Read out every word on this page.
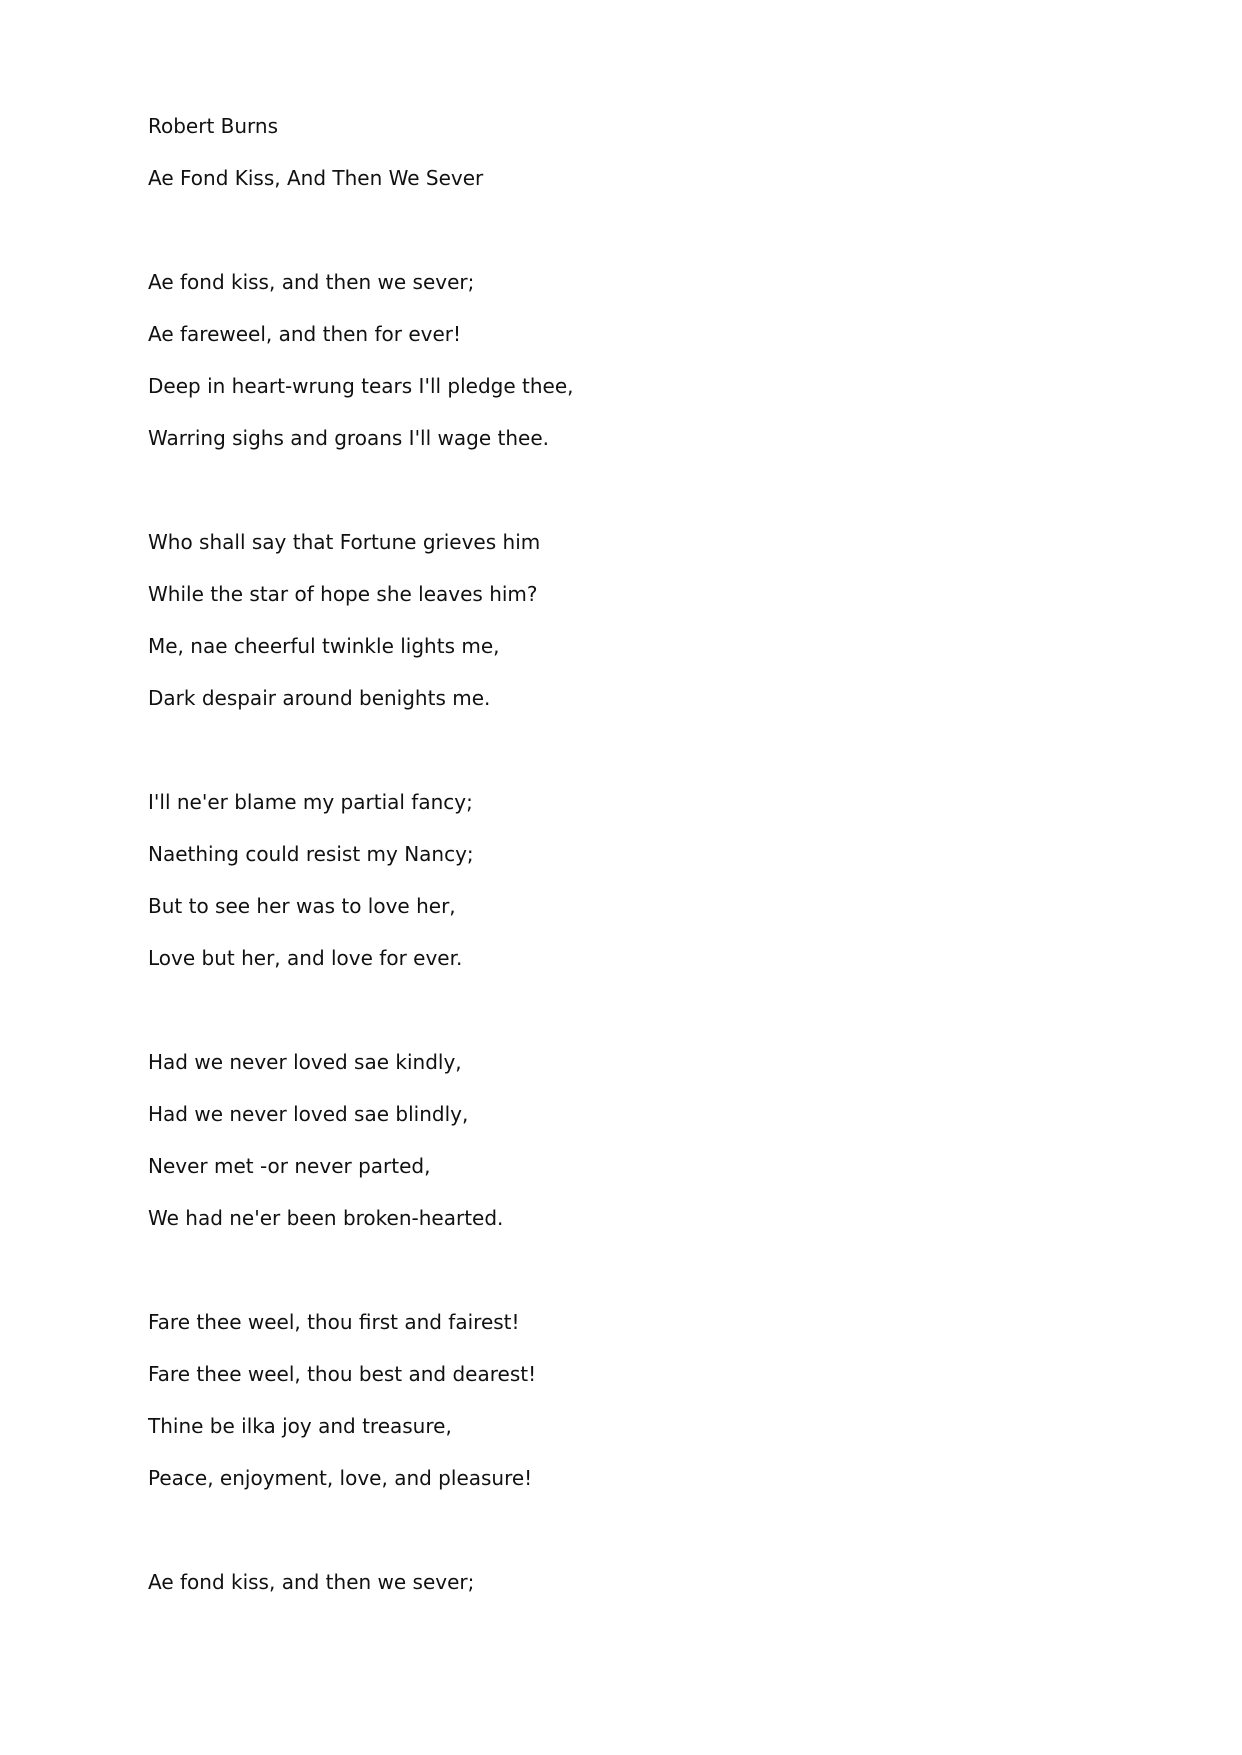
Robert Burns
Ae Fond Kiss, And Then We Sever
Ae fond kiss, and then we sever;
Ae fareweel, and then for ever!
Deep in heart-wrung tears I'll pledge thee,
Warring sighs and groans I'll wage thee.
Who shall say that Fortune grieves him
While the star of hope she leaves him?
Me, nae cheerful twinkle lights me,
Dark despair around benights me.
I'll ne'er blame my partial fancy;
Naething could resist my Nancy;
But to see her was to love her,
Love but her, and love for ever.
Had we never loved sae kindly,
Had we never loved sae blindly,
Never met -or never parted,
We had ne'er been broken-hearted.
Fare thee weel, thou first and fairest!
Fare thee weel, thou best and dearest!
Thine be ilka joy and treasure,
Peace, enjoyment, love, and pleasure!
Ae fond kiss, and then we sever;
